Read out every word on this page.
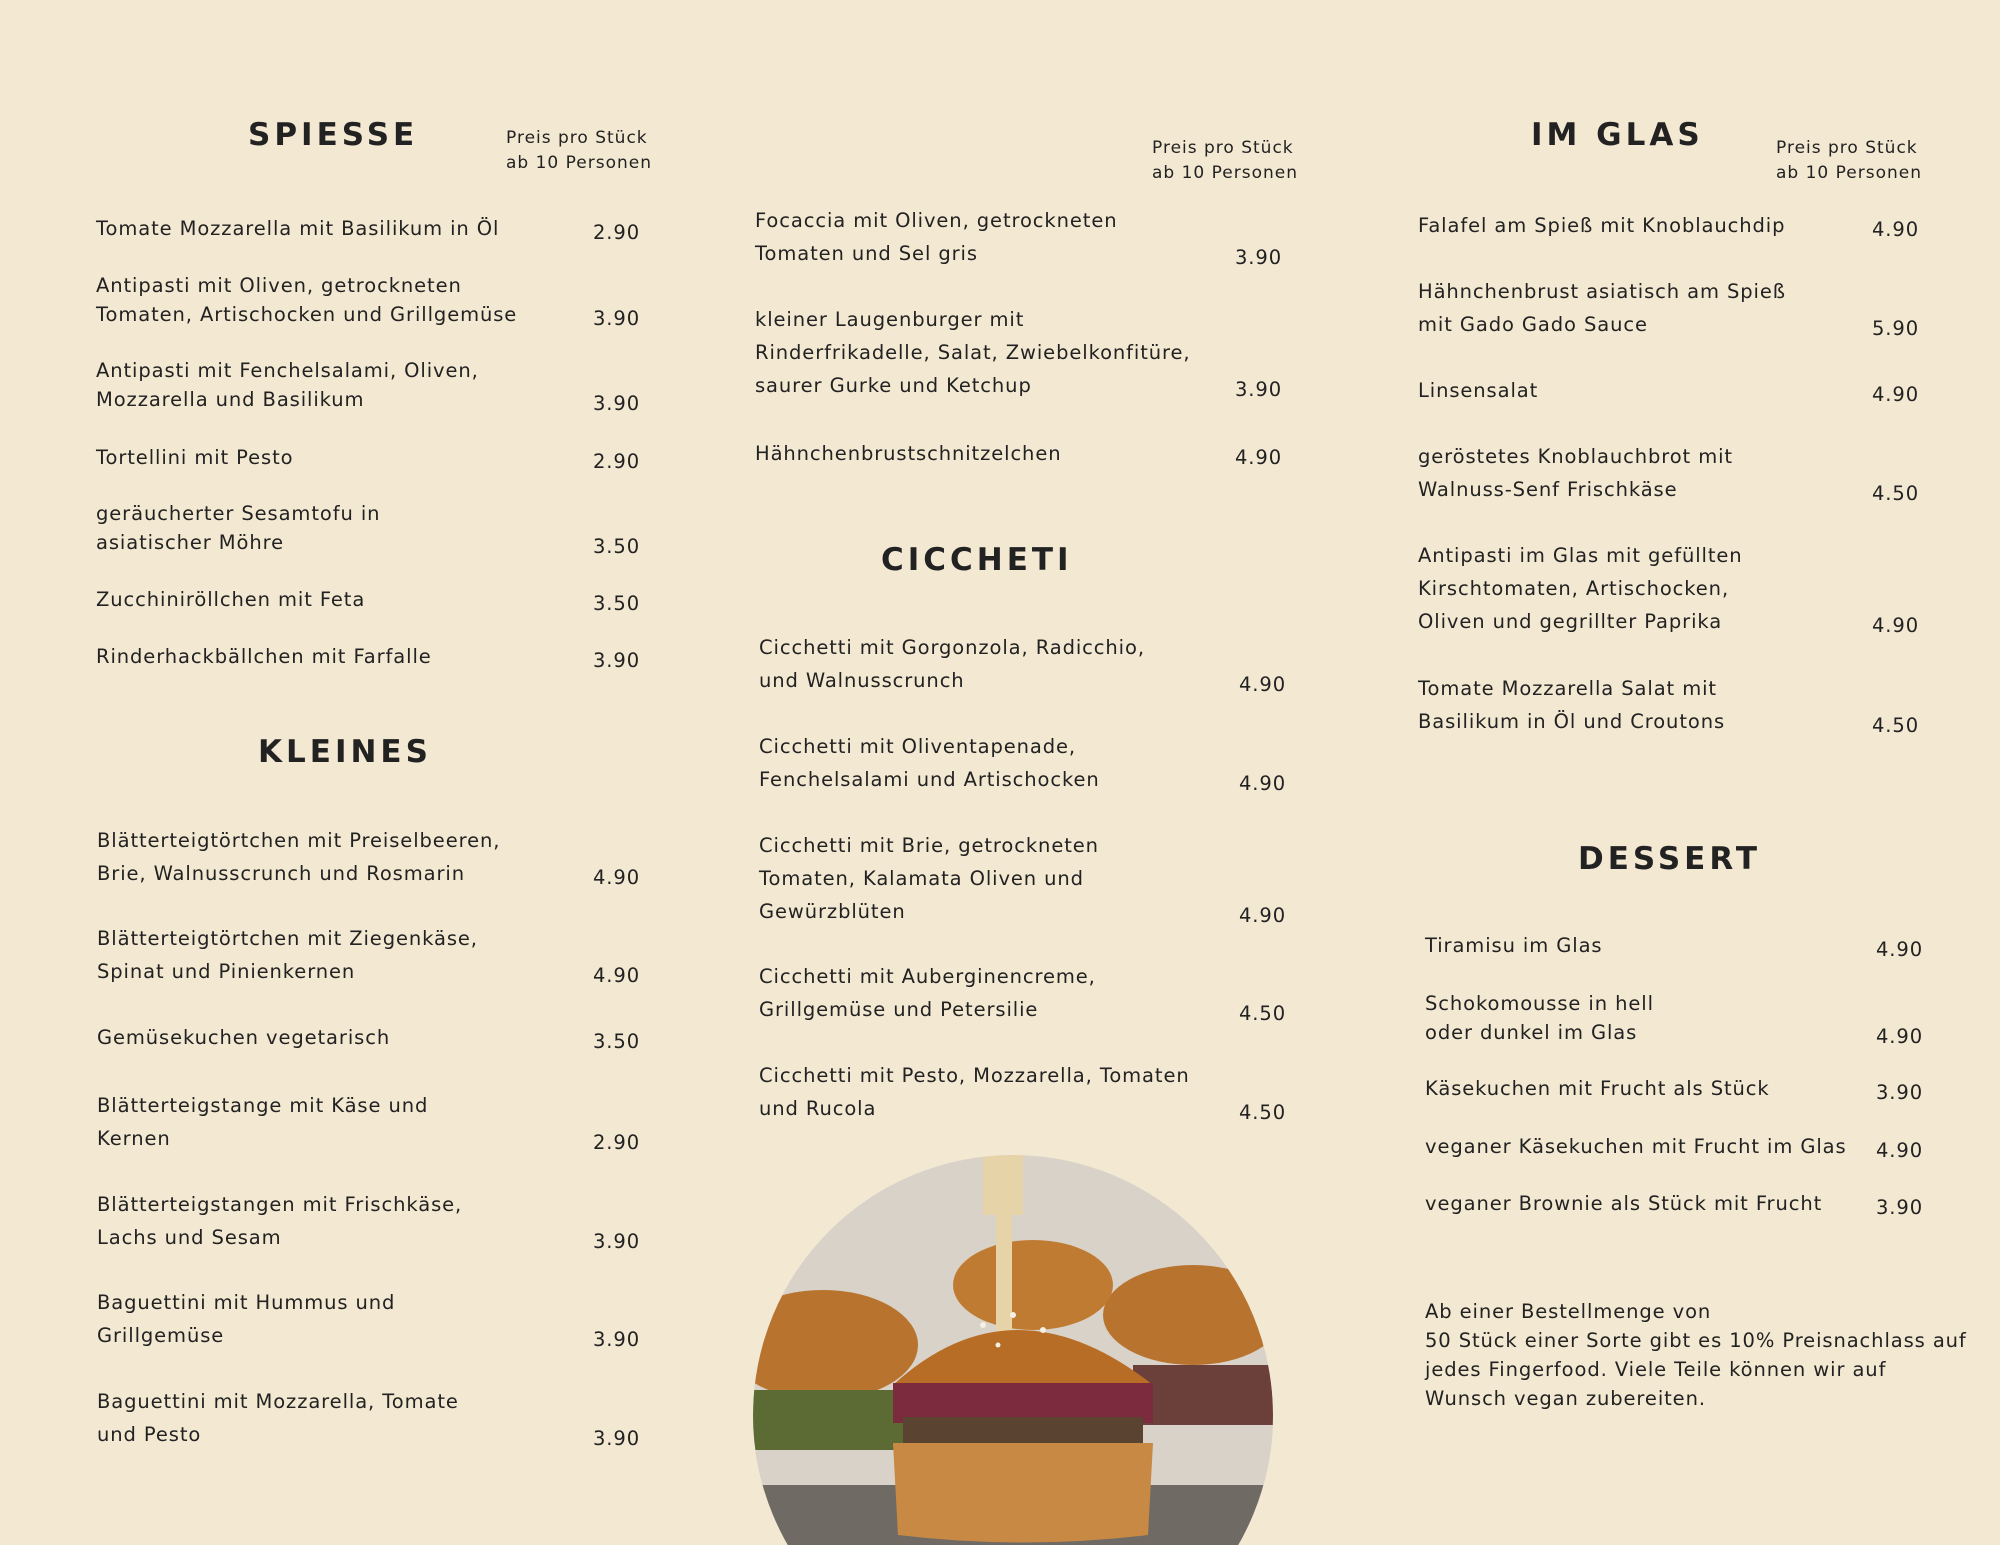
SPIESSE	Preis pro Stück
ab 10 Personen
Tomate Mozzarella mit Basilikum in Öl	2.90
Antipasti mit Oliven, getrockneten
Tomaten, Artischocken und Grillgemüse	3.90
Antipasti mit Fenchelsalami, Oliven,
Mozzarella und Basilikum	3.90
Tortellini mit Pesto	2.90
geräucherter Sesamtofu in
asiatischer Möhre	3.50
Zucchiniröllchen mit Feta	3.50
Rinderhackbällchen mit Farfalle	3.90
KLEINES
Blätterteigtörtchen mit Preiselbeeren,
Brie, Walnusscrunch und Rosmarin	4.90
Blätterteigtörtchen mit Ziegenkäse,
Spinat und Pinienkernen	4.90
Gemüsekuchen vegetarisch	3.50
Blätterteigstange mit Käse und
Kernen	2.90
Blätterteigstangen mit Frischkäse,
Lachs und Sesam	3.90
Baguettini mit Hummus und
Grillgemüse	3.90
Baguettini mit Mozzarella, Tomate
und Pesto	3.90
Preis pro Stück
ab 10 Personen
Focaccia mit Oliven, getrockneten
Tomaten und Sel gris	3.90
kleiner Laugenburger mit
Rinderfrikadelle, Salat, Zwiebelkonfitüre,
saurer Gurke und Ketchup	3.90
Hähnchenbrustschnitzelchen	4.90
CICCHETI
Cicchetti mit Gorgonzola, Radicchio,
und Walnusscrunch	4.90
Cicchetti mit Oliventapenade,
Fenchelsalami und Artischocken	4.90
Cicchetti mit Brie, getrockneten
Tomaten, Kalamata Oliven und
Gewürzblüten	4.90
Cicchetti mit Auberginencreme,
Grillgemüse und Petersilie	4.50
Cicchetti mit Pesto, Mozzarella, Tomaten
und Rucola	4.50
IM GLAS	Preis pro Stück
ab 10 Personen
Falafel am Spieß mit Knoblauchdip	4.90
Hähnchenbrust asiatisch am Spieß
mit Gado Gado Sauce	5.90
Linsensalat	4.90
geröstetes Knoblauchbrot mit
Walnuss-Senf Frischkäse	4.50
Antipasti im Glas mit gefüllten
Kirschtomaten, Artischocken,
Oliven und gegrillter Paprika	4.90
Tomate Mozzarella Salat mit
Basilikum in Öl und Croutons	4.50
DESSERT
Tiramisu im Glas	4.90
Schokomousse in hell
oder dunkel im Glas	4.90
Käsekuchen mit Frucht als Stück	3.90
veganer Käsekuchen mit Frucht im Glas 4.90
veganer Brownie als Stück mit Frucht	3.90
Ab einer Bestellmenge von
50 Stück einer Sorte gibt es 10% Preisnachlass auf
jedes Fingerfood. Viele Teile können wir auf
Wunsch vegan zubereiten.
